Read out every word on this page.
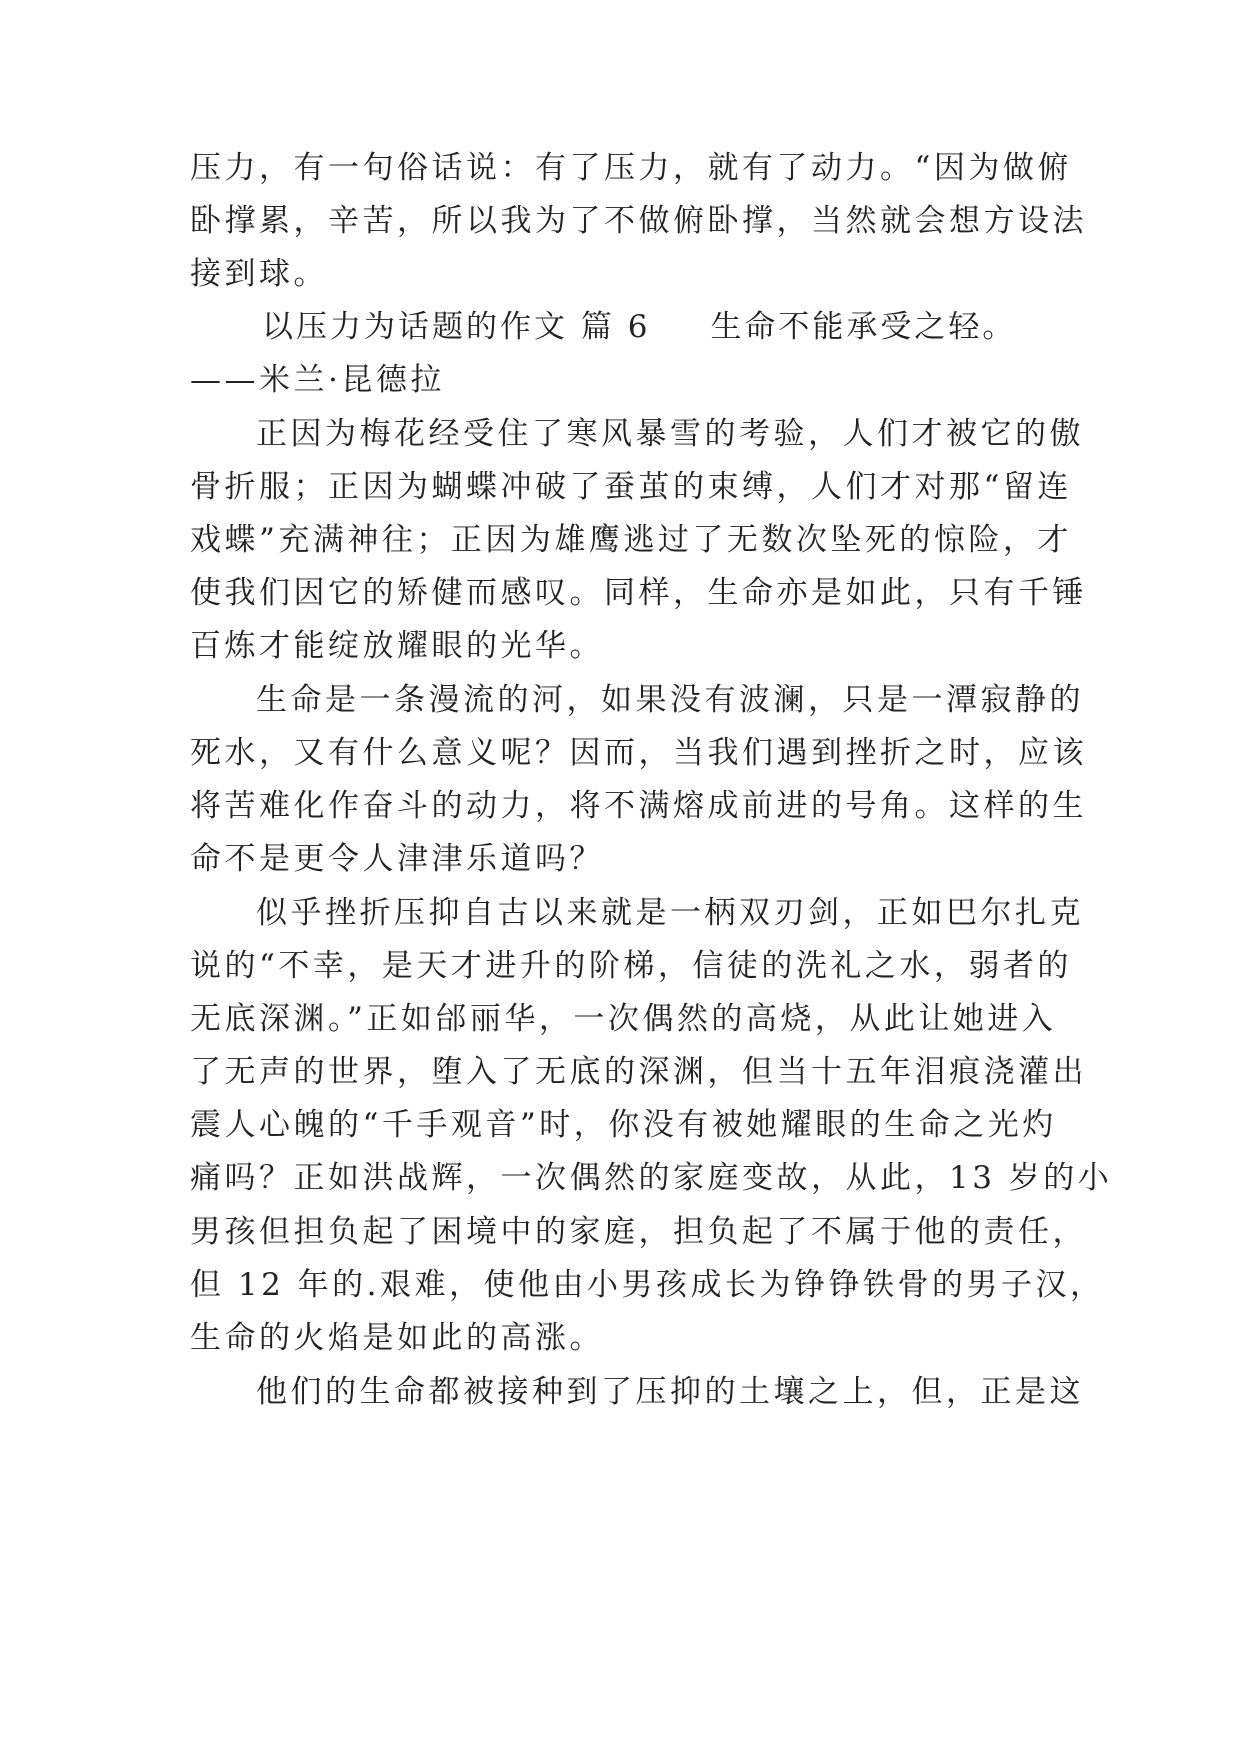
压力，有一句俗话说：有了压力，就有了动力。“因为做俯
卧撑累，辛苦，所以我为了不做俯卧撑，当然就会想方设法
接到球。
以压力为话题的作文 篇 6 生命不能承受之轻。
——米兰·昆德拉
正因为梅花经受住了寒风暴雪的考验，人们才被它的傲
骨折服；正因为蝴蝶冲破了蚕茧的束缚，人们才对那“留连
戏蝶”充满神往；正因为雄鹰逃过了无数次坠死的惊险，才
使我们因它的矫健而感叹。同样，生命亦是如此，只有千锤
百炼才能绽放耀眼的光华。
生命是一条漫流的河，如果没有波澜，只是一潭寂静的
死水，又有什么意义呢？因而，当我们遇到挫折之时，应该
将苦难化作奋斗的动力，将不满熔成前进的号角。这样的生
命不是更令人津津乐道吗？
似乎挫折压抑自古以来就是一柄双刃剑，正如巴尔扎克
说的“不幸，是天才进升的阶梯，信徒的洗礼之水，弱者的
无底深渊。”正如邰丽华，一次偶然的高烧，从此让她进入
了无声的世界，堕入了无底的深渊，但当十五年泪痕浇灌出
震人心魄的“千手观音”时，你没有被她耀眼的生命之光灼
痛吗？正如洪战辉，一次偶然的家庭变故，从此，13 岁的小
男孩但担负起了困境中的家庭，担负起了不属于他的责任，
但 12 年的.艰难，使他由小男孩成长为铮铮铁骨的男子汉，
生命的火焰是如此的高涨。
他们的生命都被接种到了压抑的土壤之上，但，正是这
